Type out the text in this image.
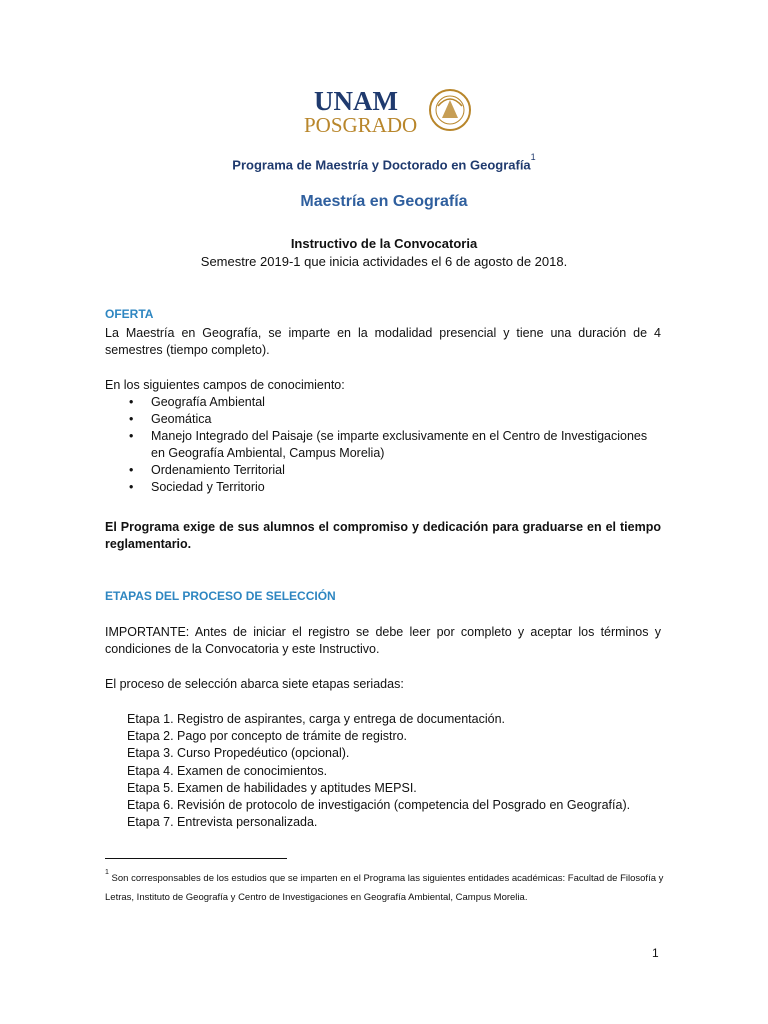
UNAM
POSGRADO
Programa de Maestría y Doctorado en Geografía$^1$
Maestría en Geografía
Instructivo de la Convocatoria
Semestre 2019-1 que inicia actividades el 6 de agosto de 2018.
OFERTA
La Maestría en Geografía, se imparte en la modalidad presencial y tiene una duración de 4 semestres (tiempo completo).
En los siguientes campos de conocimiento:
• Geografía Ambiental
• Geomática
• Manejo Integrado del Paisaje (se imparte exclusivamente en el Centro de Investigaciones en Geografía Ambiental, Campus Morelia)
• Ordenamiento Territorial
• Sociedad y Territorio
El Programa exige de sus alumnos el compromiso y dedicación para graduarse en el tiempo reglamentario.
ETAPAS DEL PROCESO DE SELECCIÓN
IMPORTANTE: Antes de iniciar el registro se debe leer por completo y aceptar los términos y condiciones de la Convocatoria y este Instructivo.
El proceso de selección abarca siete etapas seriadas:
Etapa 1. Registro de aspirantes, carga y entrega de documentación.
Etapa 2. Pago por concepto de trámite de registro.
Etapa 3. Curso Propedéutico (opcional).
Etapa 4. Examen de conocimientos.
Etapa 5. Examen de habilidades y aptitudes MEPSI.
Etapa 6. Revisión de protocolo de investigación (competencia del Posgrado en Geografía).
Etapa 7. Entrevista personalizada.
$^1$ Son corresponsables de los estudios que se imparten en el Programa las siguientes entidades académicas: Facultad de Filosofía y Letras, Instituto de Geografía y Centro de Investigaciones en Geografía Ambiental, Campus Morelia.
1
